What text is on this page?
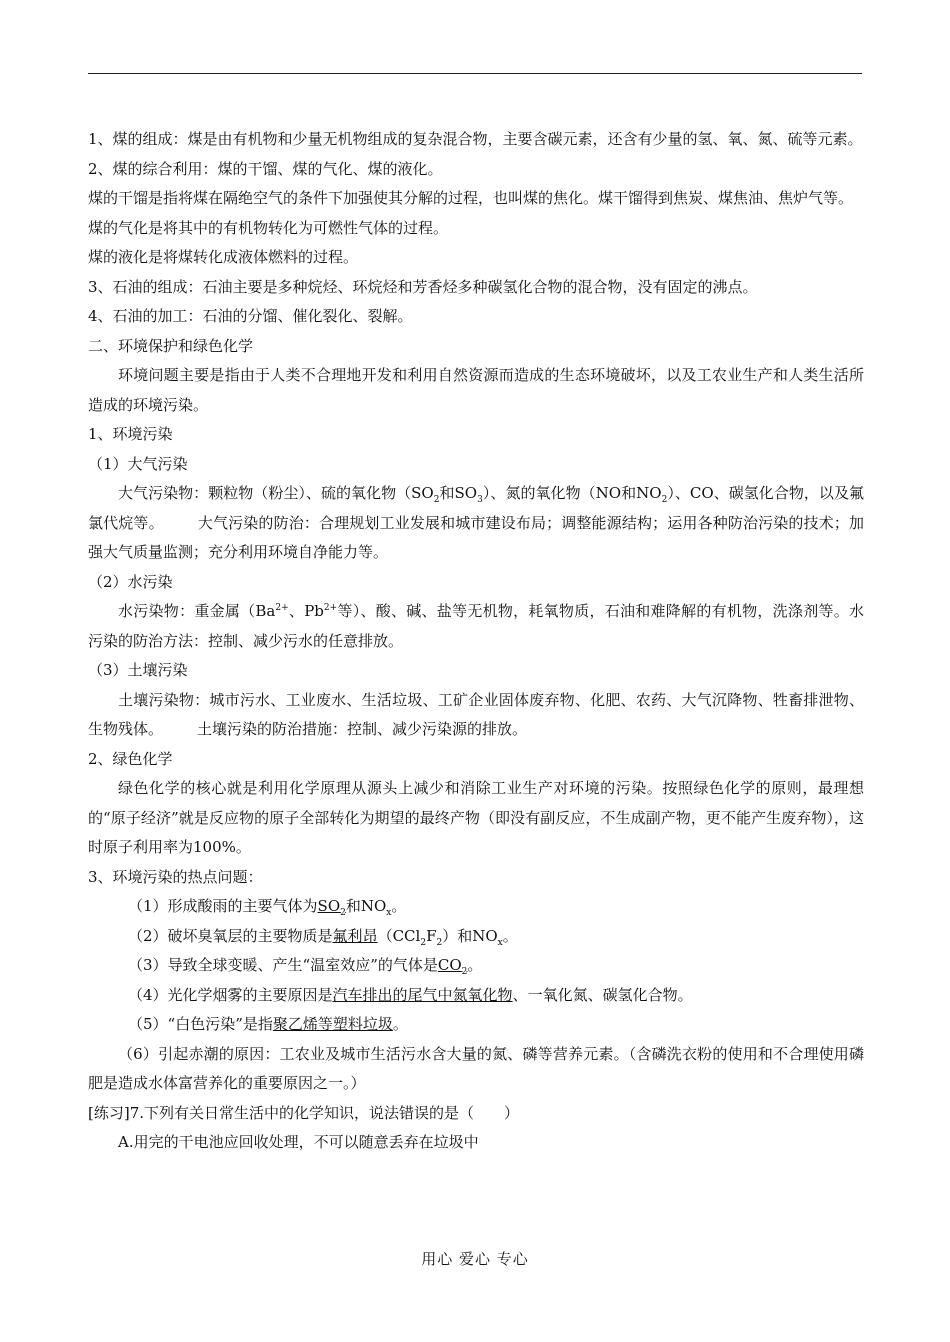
1、煤的组成：煤是由有机物和少量无机物组成的复杂混合物，主要含碳元素，还含有少量的氢、氧、氮、硫等元素。

2、煤的综合利用：煤的干馏、煤的气化、煤的液化。

煤的干馏是指将煤在隔绝空气的条件下加强使其分解的过程，也叫煤的焦化。煤干馏得到焦炭、煤焦油、焦炉气等。

煤的气化是将其中的有机物转化为可燃性气体的过程。

煤的液化是将煤转化成液体燃料的过程。

3、石油的组成：石油主要是多种烷烃、环烷烃和芳香烃多种碳氢化合物的混合物，没有固定的沸点。

4、石油的加工：石油的分馏、催化裂化、裂解。

二、环境保护和绿色化学

环境问题主要是指由于人类不合理地开发和利用自然资源而造成的生态环境破坏，以及工农业生产和人类生活所造成的环境污染。

1、环境污染

（1）大气污染

大气污染物：颗粒物（粉尘）、硫的氧化物（$SO_2$和$SO_3$）、氮的氧化物（NO和$NO_2$）、CO、碳氢化合物，以及氟氯代烷等。 大气污染的防治：合理规划工业发展和城市建设布局；调整能源结构；运用各种防治污染的技术；加强大气质量监测；充分利用环境自净能力等。

（2）水污染

水污染物：重金属（$Ba^{2+}$、$Pb^{2+}$等）、酸、碱、盐等无机物，耗氧物质，石油和难降解的有机物，洗涤剂等。水污染的防治方法：控制、减少污水的任意排放。

（3）土壤污染

土壤污染物：城市污水、工业废水、生活垃圾、工矿企业固体废弃物、化肥、农药、大气沉降物、牲畜排泄物、生物残体。 土壤污染的防治措施：控制、减少污染源的排放。

2、绿色化学

绿色化学的核心就是利用化学原理从源头上减少和消除工业生产对环境的污染。按照绿色化学的原则，最理想的“原子经济”就是反应物的原子全部转化为期望的最终产物（即没有副反应，不生成副产物，更不能产生废弃物），这时原子利用率为100%。

3、环境污染的热点问题：

（1）形成酸雨的主要气体为$SO_2$和$NO_x$。

（2）破坏臭氧层的主要物质是氟利昂$(CCl_2F_2)$和$NO_x$。

（3）导致全球变暖、产生“温室效应”的气体是$CO_2$。

（4）光化学烟雾的主要原因是汽车排出的尾气中氮氧化物、一氧化氮、碳氢化合物。

（5）“白色污染”是指聚乙烯等塑料垃圾。

（6）引起赤潮的原因：工农业及城市生活污水含大量的氮、磷等营养元素。（含磷洗衣粉的使用和不合理使用磷肥是造成水体富营养化的重要原因之一。）

[练习]7.下列有关日常生活中的化学知识，说法错误的是（　　）

A.用完的干电池应回收处理，不可以随意丢弃在垃圾中

用心 爱心 专心
